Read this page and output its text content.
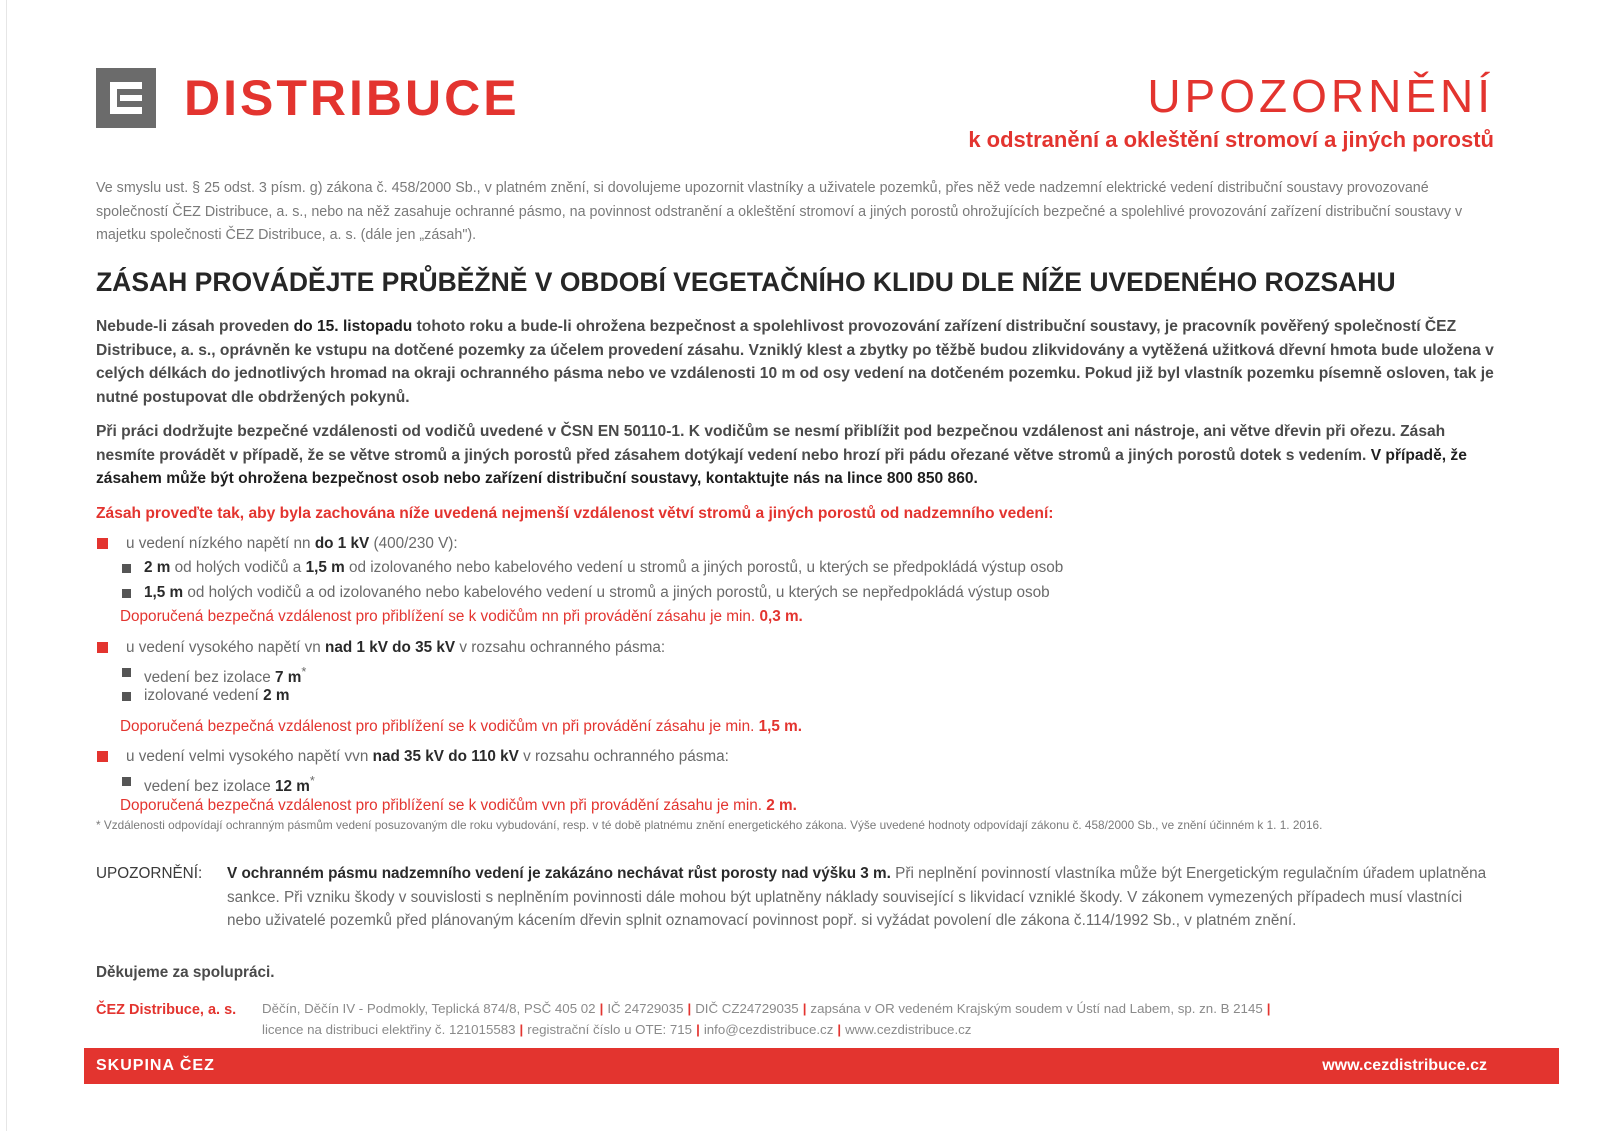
DISTRIBUCE	UPOZORNĚNÍ
k odstranění a okleštění stromoví a jiných porostů
Ve smyslu ust. § 25 odst. 3 písm. g) zákona č. 458/2000 Sb., v platném znění, si dovolujeme upozornit vlastníky a uživatele pozemků, přes něž vede nadzemní elektrické vedení distribuční soustavy provozované společností ČEZ Distribuce, a. s., nebo na něž zasahuje ochranné pásmo, na povinnost odstranění a okleštění stromoví a jiných porostů ohrožujících bezpečné a spolehlivé provozování zařízení distribuční soustavy v majetku společnosti ČEZ Distribuce, a. s. (dále jen „zásah").
ZÁSAH PROVÁDĚJTE PRŮBĚŽNĚ V OBDOBÍ VEGETAČNÍHO KLIDU DLE NÍŽE UVEDENÉHO ROZSAHU
Nebude-li zásah proveden do 15. listopadu tohoto roku a bude-li ohrožena bezpečnost a spolehlivost provozování zařízení distribuční soustavy, je pracovník pověřený společností ČEZ Distribuce, a. s., oprávněn ke vstupu na dotčené pozemky za účelem provedení zásahu. Vzniklý klest a zbytky po těžbě budou zlikvidovány a vytěžená užitková dřevní hmota bude uložena v celých délkách do jednotlivých hromad na okraji ochranného pásma nebo ve vzdálenosti 10 m od osy vedení na dotčeném pozemku. Pokud již byl vlastník pozemku písemně osloven, tak je nutné postupovat dle obdržených pokynů.
Při práci dodržujte bezpečné vzdálenosti od vodičů uvedené v ČSN EN 50110-1. K vodičům se nesmí přiblížit pod bezpečnou vzdálenost ani nástroje, ani větve dřevin při ořezu. Zásah nesmíte provádět v případě, že se větve stromů a jiných porostů před zásahem dotýkají vedení nebo hrozí při pádu ořezané větve stromů a jiných porostů dotek s vedením. V případě, že zásahem může být ohrožena bezpečnost osob nebo zařízení distribuční soustavy, kontaktujte nás na lince 800 850 860.
Zásah proveďte tak, aby byla zachována níže uvedená nejmenší vzdálenost větví stromů a jiných porostů od nadzemního vedení:
u vedení nízkého napětí nn do 1 kV (400/230 V):
2 m od holých vodičů a 1,5 m od izolovaného nebo kabelového vedení u stromů a jiných porostů, u kterých se předpokládá výstup osob
1,5 m od holých vodičů a od izolovaného nebo kabelového vedení u stromů a jiných porostů, u kterých se nepředpokládá výstup osob
Doporučená bezpečná vzdálenost pro přiblížení se k vodičům nn při provádění zásahu je min. 0,3 m.
u vedení vysokého napětí vn nad 1 kV do 35 kV v rozsahu ochranného pásma:
vedení bez izolace 7 m*
izolované vedení 2 m
Doporučená bezpečná vzdálenost pro přiblížení se k vodičům vn při provádění zásahu je min. 1,5 m.
u vedení velmi vysokého napětí vvn nad 35 kV do 110 kV v rozsahu ochranného pásma:
vedení bez izolace 12 m*
Doporučená bezpečná vzdálenost pro přiblížení se k vodičům vvn při provádění zásahu je min. 2 m.
* Vzdálenosti odpovídají ochranným pásmům vedení posuzovaným dle roku vybudování, resp. v té době platnému znění energetického zákona. Výše uvedené hodnoty odpovídají zákonu č. 458/2000 Sb., ve znění účinném k 1. 1. 2016.
UPOZORNĚNÍ: V ochranném pásmu nadzemního vedení je zakázáno nechávat růst porosty nad výšku 3 m. Při neplnění povinností vlastníka může být Energetickým regulačním úřadem uplatněna sankce. Při vzniku škody v souvislosti s neplněním povinnosti dále mohou být uplatněny náklady související s likvidací vzniklé škody. V zákonem vymezených případech musí vlastníci nebo uživatelé pozemků před plánovaným kácením dřevin splnit oznamovací povinnost popř. si vyžádat povolení dle zákona č.114/1992 Sb., v platném znění.
Děkujeme za spolupráci.
ČEZ Distribuce, a. s. Děčín, Děčín IV - Podmokly, Teplická 874/8, PSČ 405 02 | IČ 24729035 | DIČ CZ24729035 | zapsána v OR vedeném Krajským soudem v Ústí nad Labem, sp. zn. B 2145 |
licence na distribuci elektřiny č. 121015583 | registrační číslo u OTE: 715 | info@cezdistribuce.cz | www.cezdistribuce.cz
SKUPINA ČEZ	www.cezdistribuce.cz
